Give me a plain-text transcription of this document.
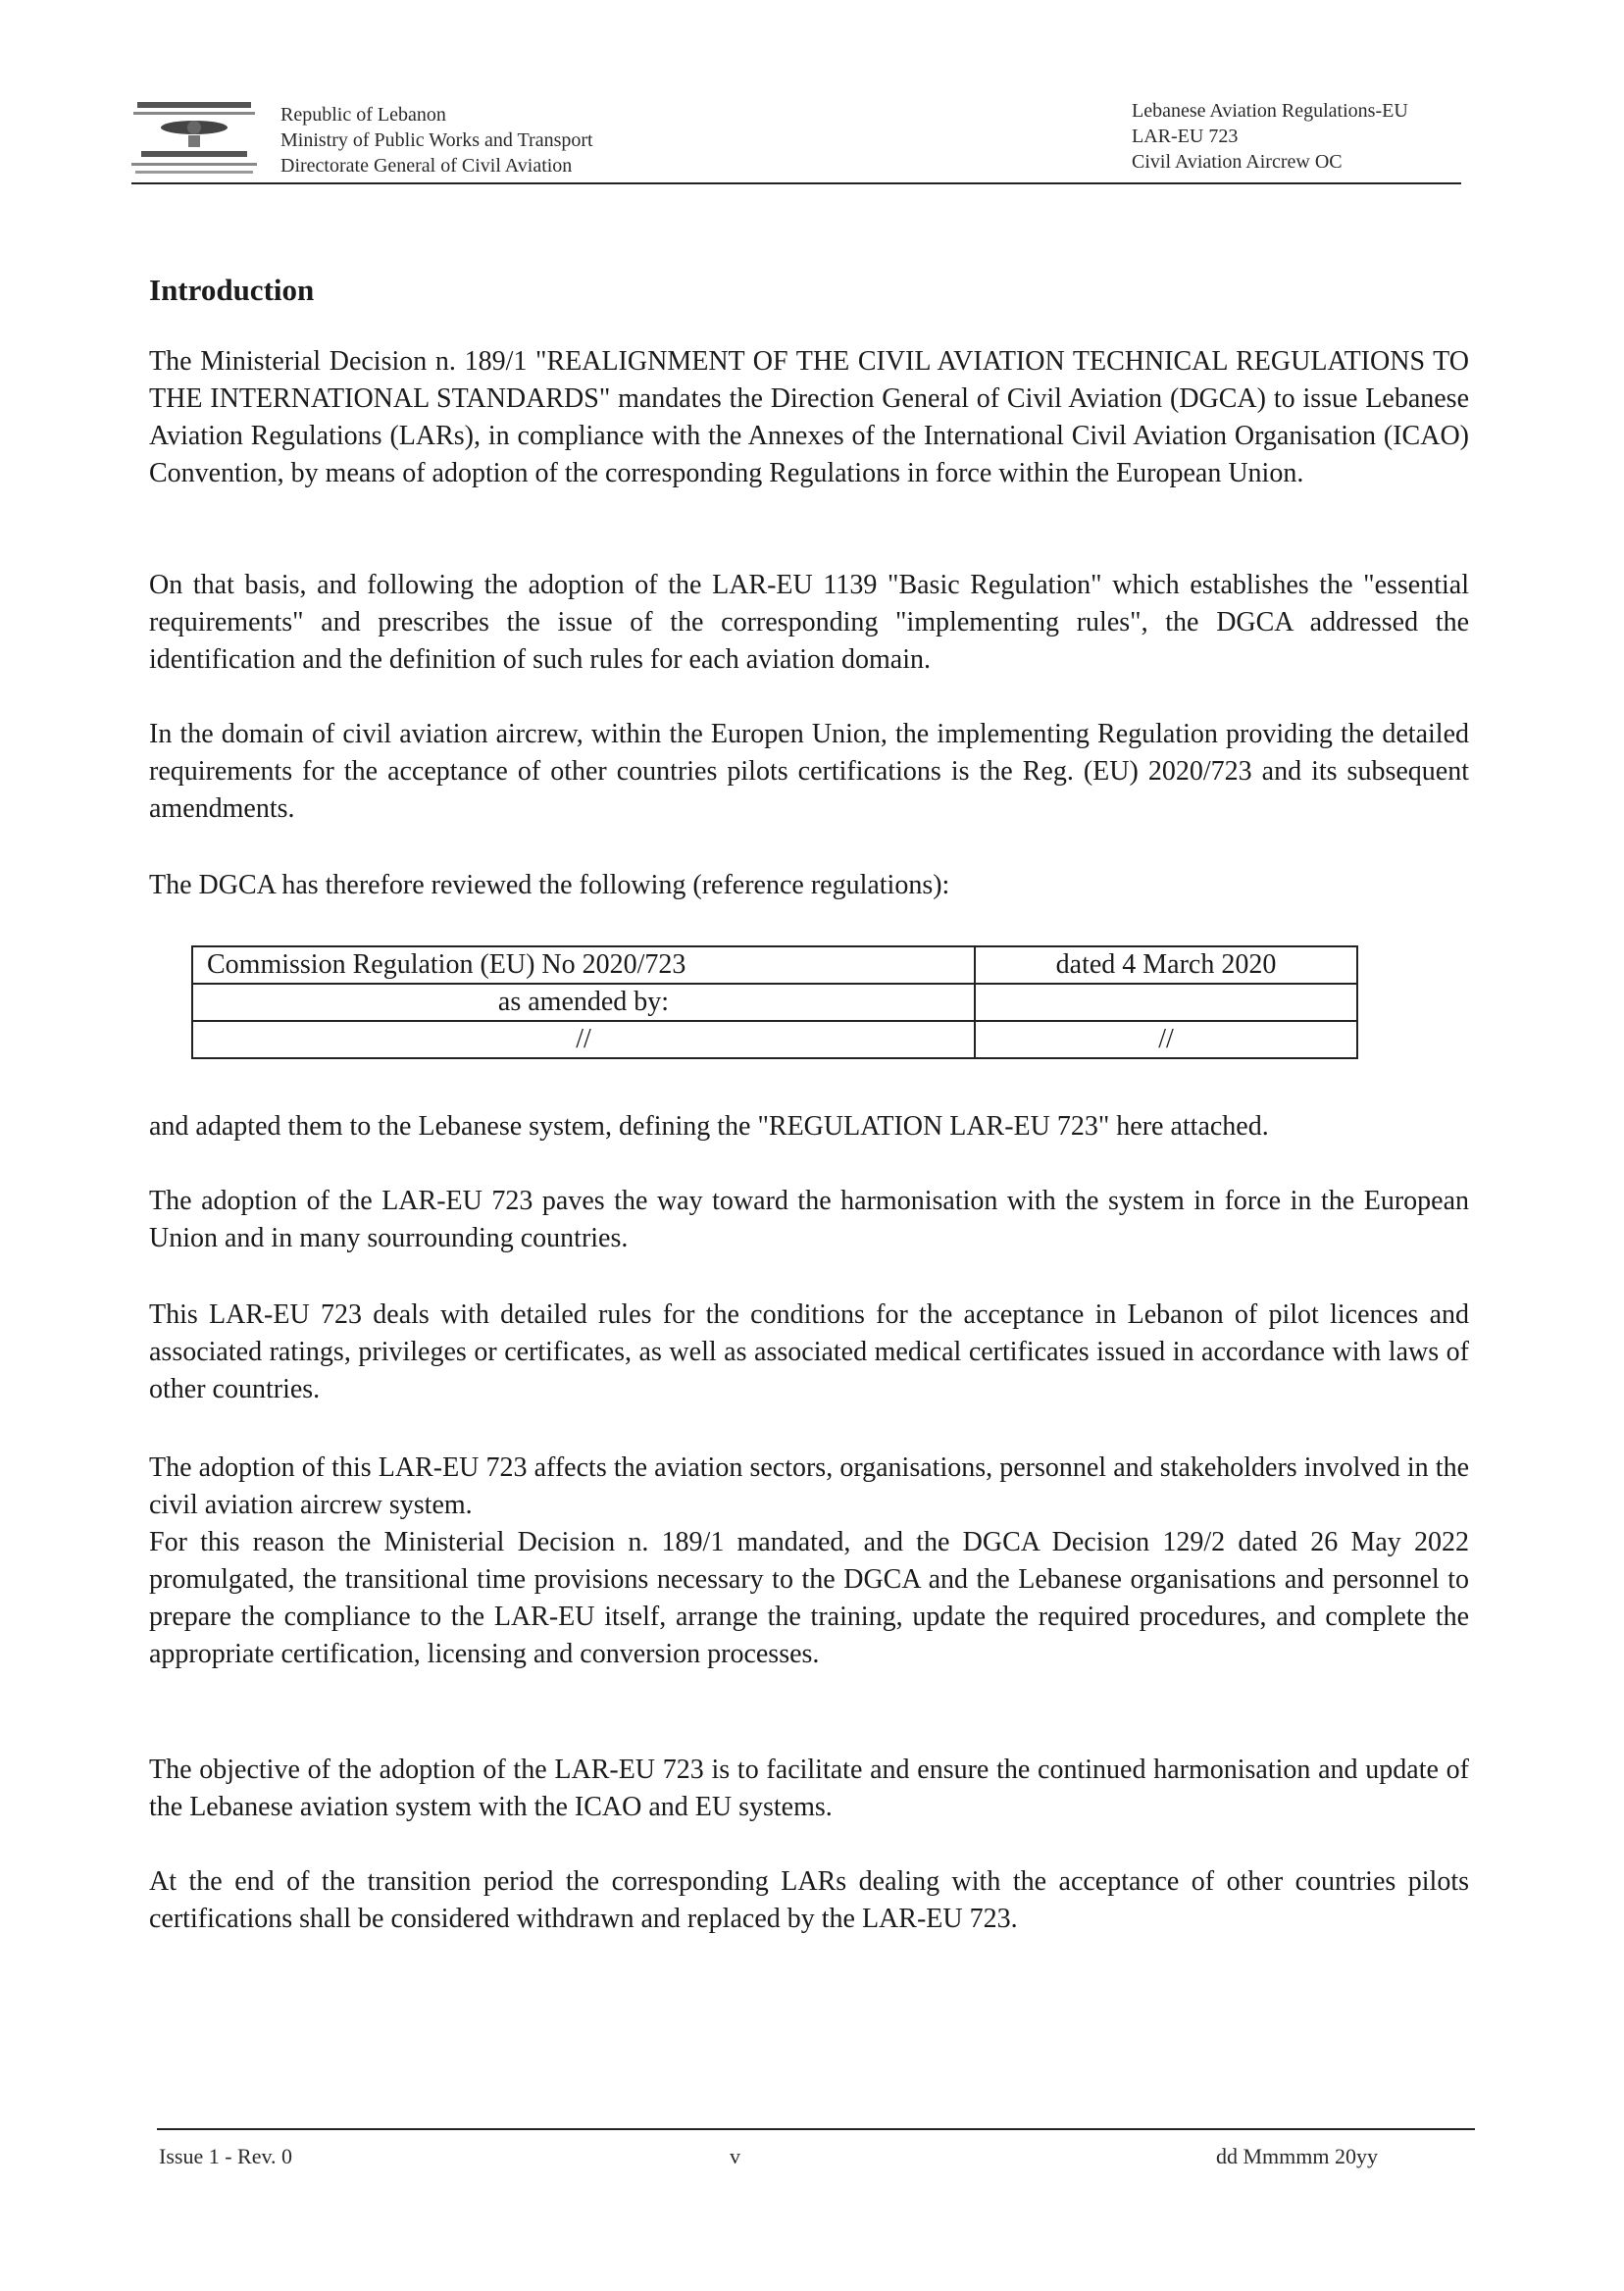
Republic of Lebanon
Ministry of Public Works and Transport
Directorate General of Civil Aviation
Lebanese Aviation Regulations-EU
LAR-EU 723
Civil Aviation Aircrew OC
Introduction

The Ministerial Decision n. 189/1 "REALIGNMENT OF THE CIVIL AVIATION TECHNICAL REGULATIONS TO THE INTERNATIONAL STANDARDS" mandates the Direction General of Civil Aviation (DGCA) to issue Lebanese Aviation Regulations (LARs), in compliance with the Annexes of the International Civil Aviation Organisation (ICAO) Convention, by means of adoption of the corresponding Regulations in force within the European Union.

On that basis, and following the adoption of the LAR-EU 1139 "Basic Regulation" which establishes the "essential requirements" and prescribes the issue of the corresponding "implementing rules", the DGCA addressed the identification and the definition of such rules for each aviation domain.

In the domain of civil aviation aircrew, within the Europen Union, the implementing Regulation providing the detailed requirements for the acceptance of other countries pilots certifications is the Reg. (EU) 2020/723 and its subsequent amendments.

The DGCA has therefore reviewed the following (reference regulations):

Commission Regulation (EU) No 2020/723	dated 4 March 2020
as amended by:	
//	//

and adapted them to the Lebanese system, defining the "REGULATION LAR-EU 723" here attached.

The adoption of the LAR-EU 723 paves the way toward the harmonisation with the system in force in the European Union and in many sourrounding countries.

This LAR-EU 723 deals with detailed rules for the conditions for the acceptance in Lebanon of pilot licences and associated ratings, privileges or certificates, as well as associated medical certificates issued in accordance with laws of other countries.

The adoption of this LAR-EU 723 affects the aviation sectors, organisations, personnel and stakeholders involved in the civil aviation aircrew system.

For this reason the Ministerial Decision n. 189/1 mandated, and the DGCA Decision 129/2 dated 26 May 2022 promulgated, the transitional time provisions necessary to the DGCA and the Lebanese organisations and personnel to prepare the compliance to the LAR-EU itself, arrange the training, update the required procedures, and complete the appropriate certification, licensing and conversion processes.

The objective of the adoption of the LAR-EU 723 is to facilitate and ensure the continued harmonisation and update of the Lebanese aviation system with the ICAO and EU systems.

At the end of the transition period the corresponding LARs dealing with the acceptance of other countries pilots certifications shall be considered withdrawn and replaced by the LAR-EU 723.

Issue 1 - Rev. 0	v	dd Mmmmm 20yy
